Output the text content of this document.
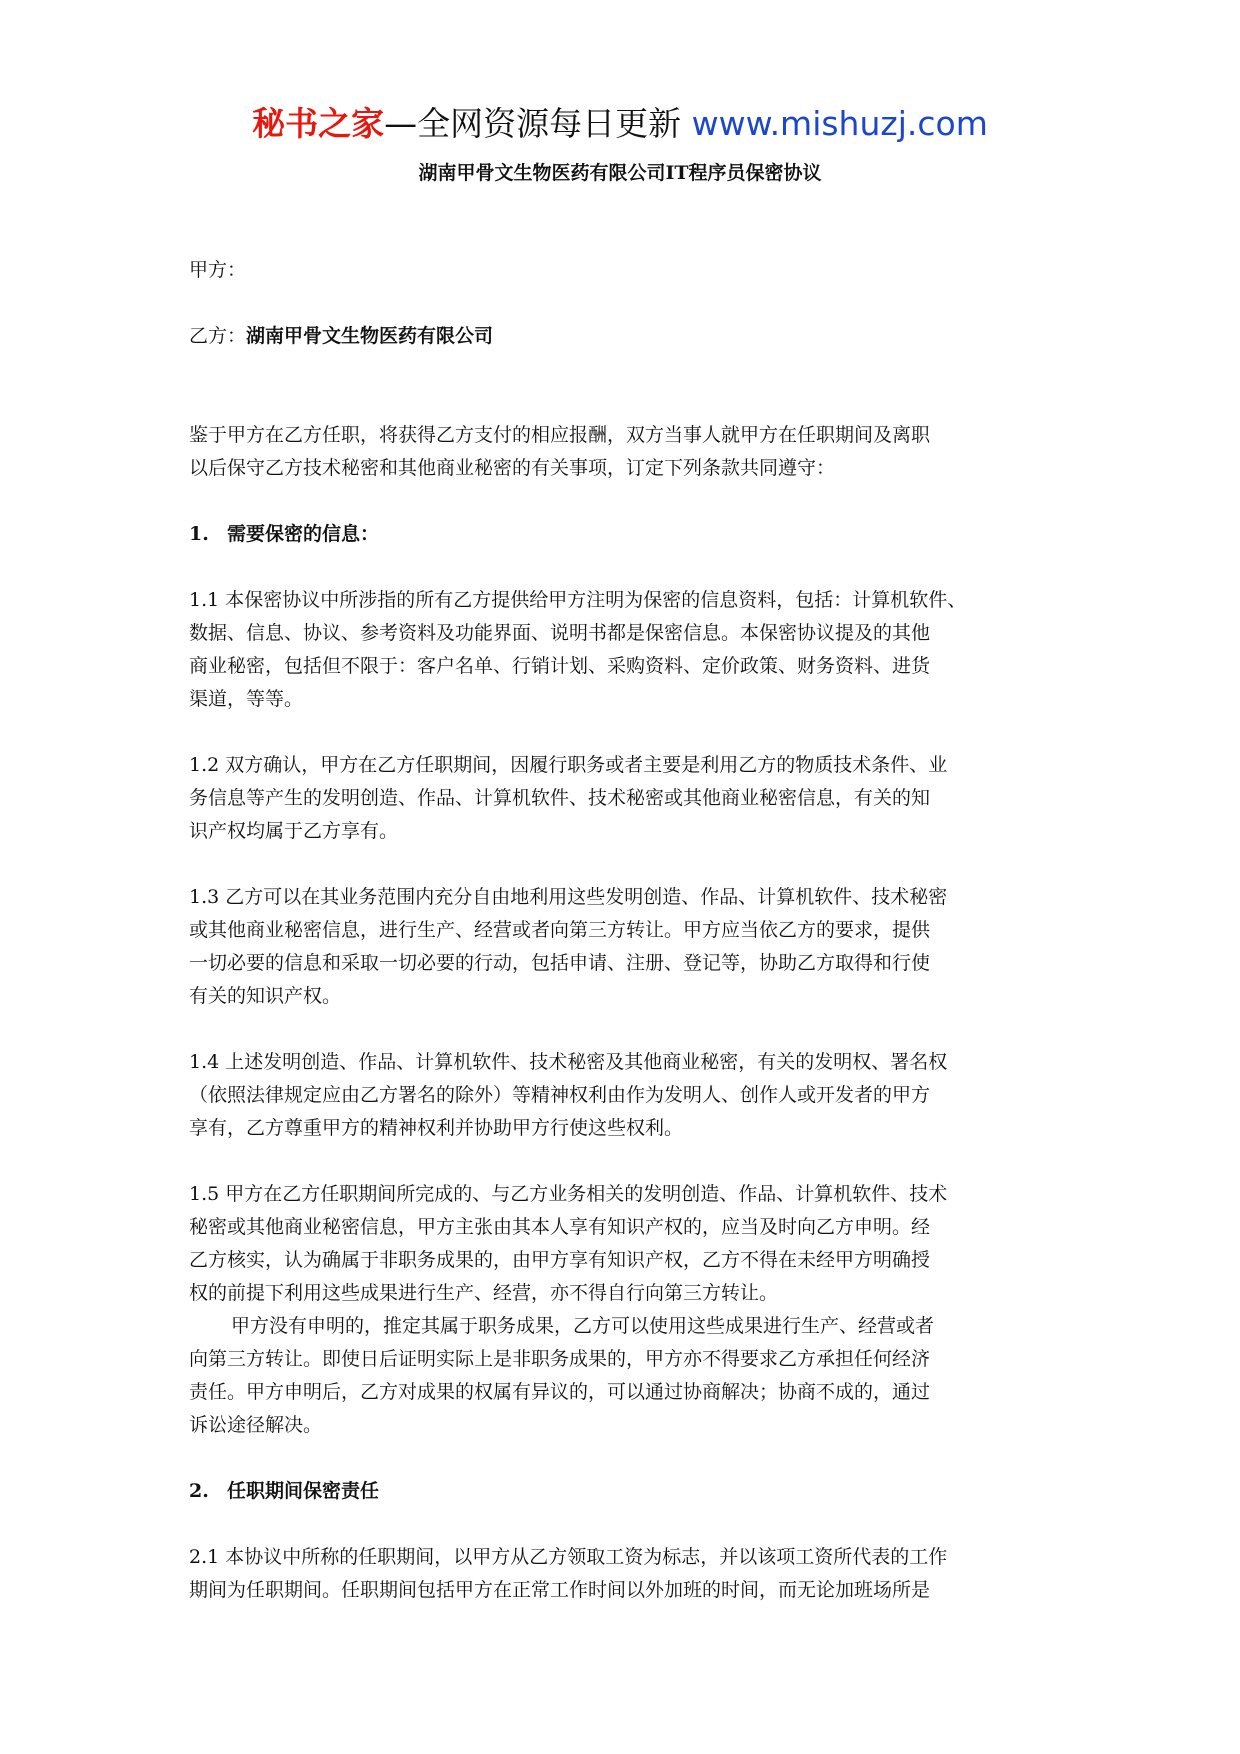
秘书之家—全网资源每日更新 www.mishuzj.com
湖南甲骨文生物医药有限公司IT程序员保密协议
甲方：
乙方：湖南甲骨文生物医药有限公司
鉴于甲方在乙方任职，将获得乙方支付的相应报酬，双方当事人就甲方在任职期间及离职
以后保守乙方技术秘密和其他商业秘密的有关事项，订定下列条款共同遵守：
1. 需要保密的信息：
1.1 本保密协议中所涉指的所有乙方提供给甲方注明为保密的信息资料，包括：计算机软件、
数据、信息、协议、参考资料及功能界面、说明书都是保密信息。本保密协议提及的其他
商业秘密，包括但不限于：客户名单、行销计划、采购资料、定价政策、财务资料、进货
渠道，等等。
1.2 双方确认，甲方在乙方任职期间，因履行职务或者主要是利用乙方的物质技术条件、业
务信息等产生的发明创造、作品、计算机软件、技术秘密或其他商业秘密信息，有关的知
识产权均属于乙方享有。
1.3 乙方可以在其业务范围内充分自由地利用这些发明创造、作品、计算机软件、技术秘密
或其他商业秘密信息，进行生产、经营或者向第三方转让。甲方应当依乙方的要求，提供
一切必要的信息和采取一切必要的行动，包括申请、注册、登记等，协助乙方取得和行使
有关的知识产权。
1.4 上述发明创造、作品、计算机软件、技术秘密及其他商业秘密，有关的发明权、署名权
（依照法律规定应由乙方署名的除外）等精神权利由作为发明人、创作人或开发者的甲方
享有，乙方尊重甲方的精神权利并协助甲方行使这些权利。
1.5 甲方在乙方任职期间所完成的、与乙方业务相关的发明创造、作品、计算机软件、技术
秘密或其他商业秘密信息，甲方主张由其本人享有知识产权的，应当及时向乙方申明。经
乙方核实，认为确属于非职务成果的，由甲方享有知识产权，乙方不得在未经甲方明确授
权的前提下利用这些成果进行生产、经营，亦不得自行向第三方转让。
甲方没有申明的，推定其属于职务成果，乙方可以使用这些成果进行生产、经营或者
向第三方转让。即使日后证明实际上是非职务成果的，甲方亦不得要求乙方承担任何经济
责任。甲方申明后，乙方对成果的权属有异议的，可以通过协商解决；协商不成的，通过
诉讼途径解决。
2. 任职期间保密责任
2.1 本协议中所称的任职期间，以甲方从乙方领取工资为标志，并以该项工资所代表的工作
期间为任职期间。任职期间包括甲方在正常工作时间以外加班的时间，而无论加班场所是
